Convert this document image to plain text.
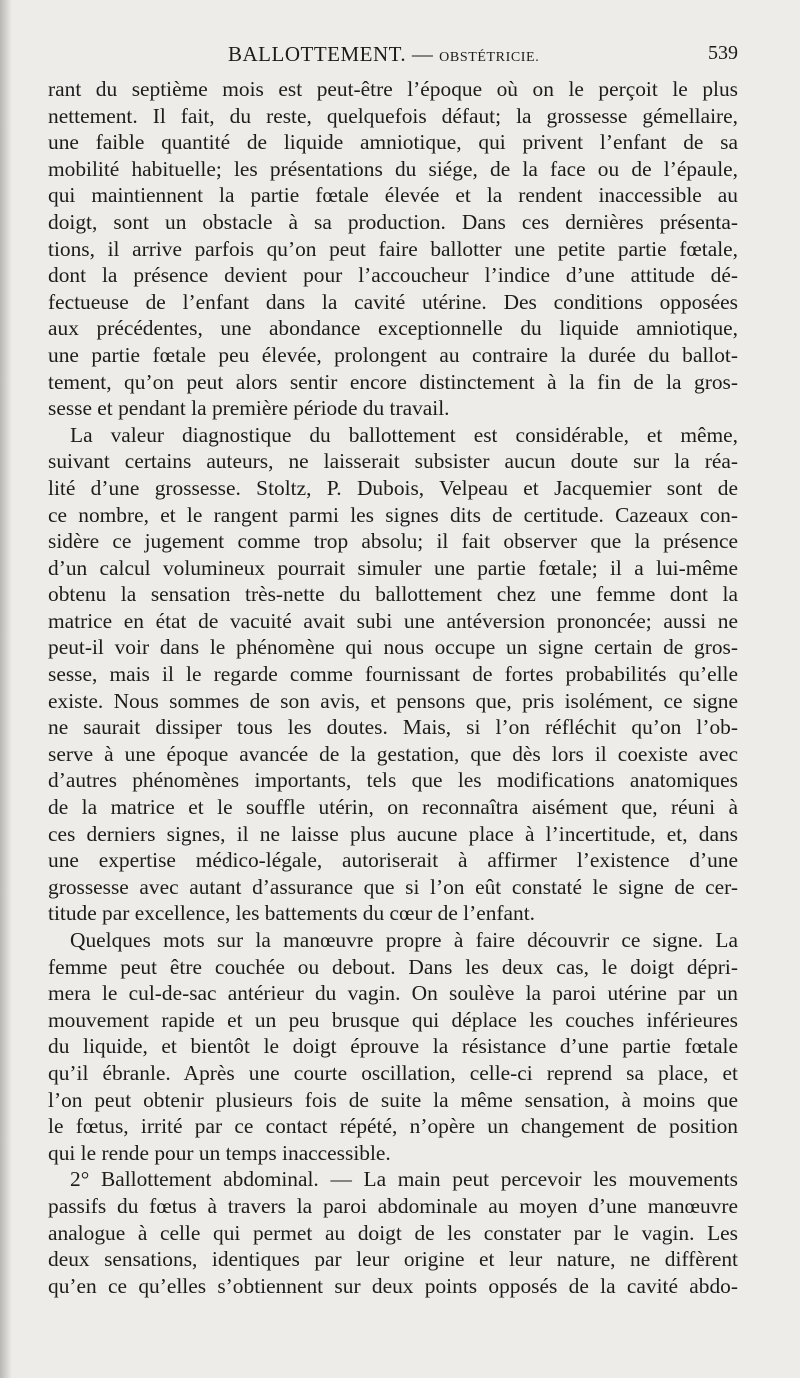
BALLOTTEMENT. — OBSTÉTRICIE.	539
rant du septième mois est peut-être l’époque où on le perçoit le plus
nettement. Il fait, du reste, quelquefois défaut; la grossesse gémellaire,
une faible quantité de liquide amniotique, qui privent l’enfant de sa
mobilité habituelle; les présentations du siége, de la face ou de l’épaule,
qui maintiennent la partie fœtale élevée et la rendent inaccessible au
doigt, sont un obstacle à sa production. Dans ces dernières présenta-
tions, il arrive parfois qu’on peut faire ballotter une petite partie fœtale,
dont la présence devient pour l’accoucheur l’indice d’une attitude dé-
fectueuse de l’enfant dans la cavité utérine. Des conditions opposées
aux précédentes, une abondance exceptionnelle du liquide amniotique,
une partie fœtale peu élevée, prolongent au contraire la durée du ballot-
tement, qu’on peut alors sentir encore distinctement à la fin de la gros-
sesse et pendant la première période du travail.
La valeur diagnostique du ballottement est considérable, et même,
suivant certains auteurs, ne laisserait subsister aucun doute sur la réa-
lité d’une grossesse. Stoltz, P. Dubois, Velpeau et Jacquemier sont de
ce nombre, et le rangent parmi les signes dits de certitude. Cazeaux con-
sidère ce jugement comme trop absolu; il fait observer que la présence
d’un calcul volumineux pourrait simuler une partie fœtale; il a lui-même
obtenu la sensation très-nette du ballottement chez une femme dont la
matrice en état de vacuité avait subi une antéversion prononcée; aussi ne
peut-il voir dans le phénomène qui nous occupe un signe certain de gros-
sesse, mais il le regarde comme fournissant de fortes probabilités qu’elle
existe. Nous sommes de son avis, et pensons que, pris isolément, ce signe
ne saurait dissiper tous les doutes. Mais, si l’on réfléchit qu’on l’ob-
serve à une époque avancée de la gestation, que dès lors il coexiste avec
d’autres phénomènes importants, tels que les modifications anatomiques
de la matrice et le souffle utérin, on reconnaîtra aisément que, réuni à
ces derniers signes, il ne laisse plus aucune place à l’incertitude, et, dans
une expertise médico-légale, autoriserait à affirmer l’existence d’une
grossesse avec autant d’assurance que si l’on eût constaté le signe de cer-
titude par excellence, les battements du cœur de l’enfant.
Quelques mots sur la manœuvre propre à faire découvrir ce signe. La
femme peut être couchée ou debout. Dans les deux cas, le doigt dépri-
mera le cul-de-sac antérieur du vagin. On soulève la paroi utérine par un
mouvement rapide et un peu brusque qui déplace les couches inférieures
du liquide, et bientôt le doigt éprouve la résistance d’une partie fœtale
qu’il ébranle. Après une courte oscillation, celle-ci reprend sa place, et
l’on peut obtenir plusieurs fois de suite la même sensation, à moins que
le fœtus, irrité par ce contact répété, n’opère un changement de position
qui le rende pour un temps inaccessible.
2° Ballottement abdominal. — La main peut percevoir les mouvements
passifs du fœtus à travers la paroi abdominale au moyen d’une manœuvre
analogue à celle qui permet au doigt de les constater par le vagin. Les
deux sensations, identiques par leur origine et leur nature, ne diffèrent
qu’en ce qu’elles s’obtiennent sur deux points opposés de la cavité abdo-
